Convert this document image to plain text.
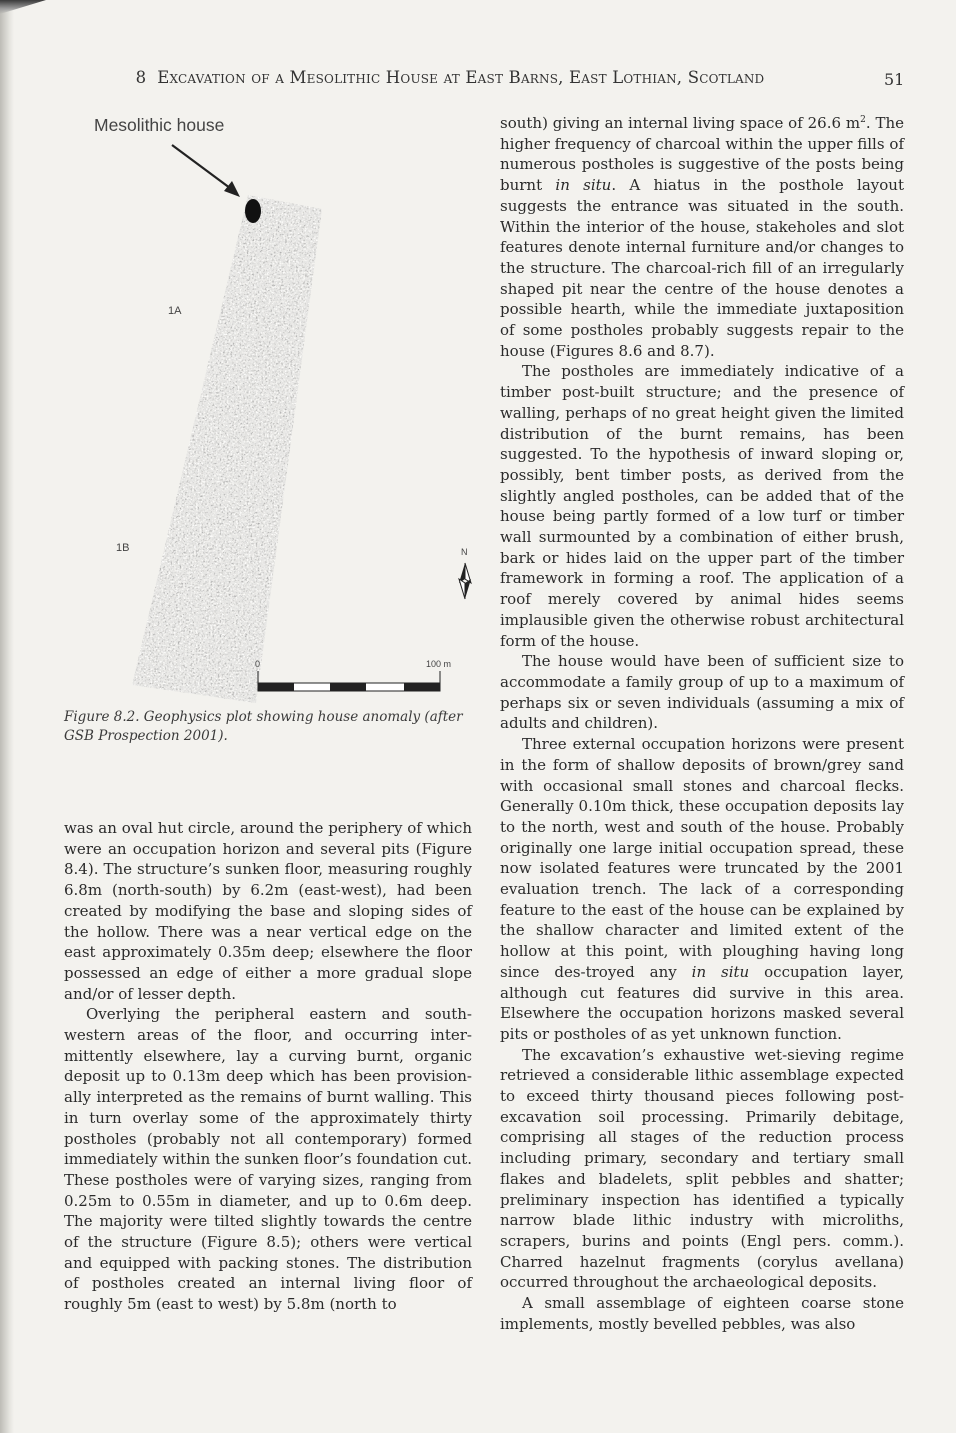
8 Excavation of a Mesolithic House at East Barns, East Lothian, Scotland	51
Mesolithic house
1A
1B	N
0	100 m
Figure 8.2. Geophysics plot showing house anomaly (after GSB Prospection 2001).

was an oval hut circle, around the periphery of which were an occupation horizon and several pits (Figure 8.4). The structure’s sunken floor, measuring roughly 6.8m (north-south) by 6.2m (east-west), had been created by modifying the base and sloping sides of the hollow. There was a near vertical edge on the east approximately 0.35m deep; elsewhere the floor possessed an edge of either a more gradual slope and/or of lesser depth.

Overlying the peripheral eastern and south-western areas of the floor, and occurring inter-mittently elsewhere, lay a curving burnt, organic deposit up to 0.13m deep which has been provision-ally interpreted as the remains of burnt walling. This in turn overlay some of the approximately thirty postholes (probably not all contemporary) formed immediately within the sunken floor’s foundation cut. These postholes were of varying sizes, ranging from 0.25m to 0.55m in diameter, and up to 0.6m deep. The majority were tilted slightly towards the centre of the structure (Figure 8.5); others were vertical and equipped with packing stones. The distribution of postholes created an internal living floor of roughly 5m (east to west) by 5.8m (north to

south) giving an internal living space of 26.6 $m^2$. The higher frequency of charcoal within the upper fills of numerous postholes is suggestive of the posts being burnt in situ. A hiatus in the posthole layout suggests the entrance was situated in the south. Within the interior of the house, stakeholes and slot features denote internal furniture and/or changes to the structure. The charcoal-rich fill of an irregularly shaped pit near the centre of the house denotes a possible hearth, while the immediate juxtaposition of some postholes probably suggests repair to the house (Figures 8.6 and 8.7).

The postholes are immediately indicative of a timber post-built structure; and the presence of walling, perhaps of no great height given the limited distribution of the burnt remains, has been suggested. To the hypothesis of inward sloping or, possibly, bent timber posts, as derived from the slightly angled postholes, can be added that of the house being partly formed of a low turf or timber wall surmounted by a combination of either brush, bark or hides laid on the upper part of the timber framework in forming a roof. The application of a roof merely covered by animal hides seems implausible given the otherwise robust architectural form of the house.

The house would have been of sufficient size to accommodate a family group of up to a maximum of perhaps six or seven individuals (assuming a mix of adults and children).

Three external occupation horizons were present in the form of shallow deposits of brown/grey sand with occasional small stones and charcoal flecks. Generally 0.10m thick, these occupation deposits lay to the north, west and south of the house. Probably originally one large initial occupation spread, these now isolated features were truncated by the 2001 evaluation trench. The lack of a corresponding feature to the east of the house can be explained by the shallow character and limited extent of the hollow at this point, with ploughing having long since des-troyed any in situ occupation layer, although cut features did survive in this area. Elsewhere the occupation horizons masked several pits or postholes of as yet unknown function.

The excavation’s exhaustive wet-sieving regime retrieved a considerable lithic assemblage expected to exceed thirty thousand pieces following post-excavation soil processing. Primarily debitage, comprising all stages of the reduction process including primary, secondary and tertiary small flakes and bladelets, split pebbles and shatter; preliminary inspection has identified a typically narrow blade lithic industry with microliths, scrapers, burins and points (Engl pers. comm.). Charred hazelnut fragments (corylus avellana) occurred throughout the archaeological deposits.

A small assemblage of eighteen coarse stone implements, mostly bevelled pebbles, was also
